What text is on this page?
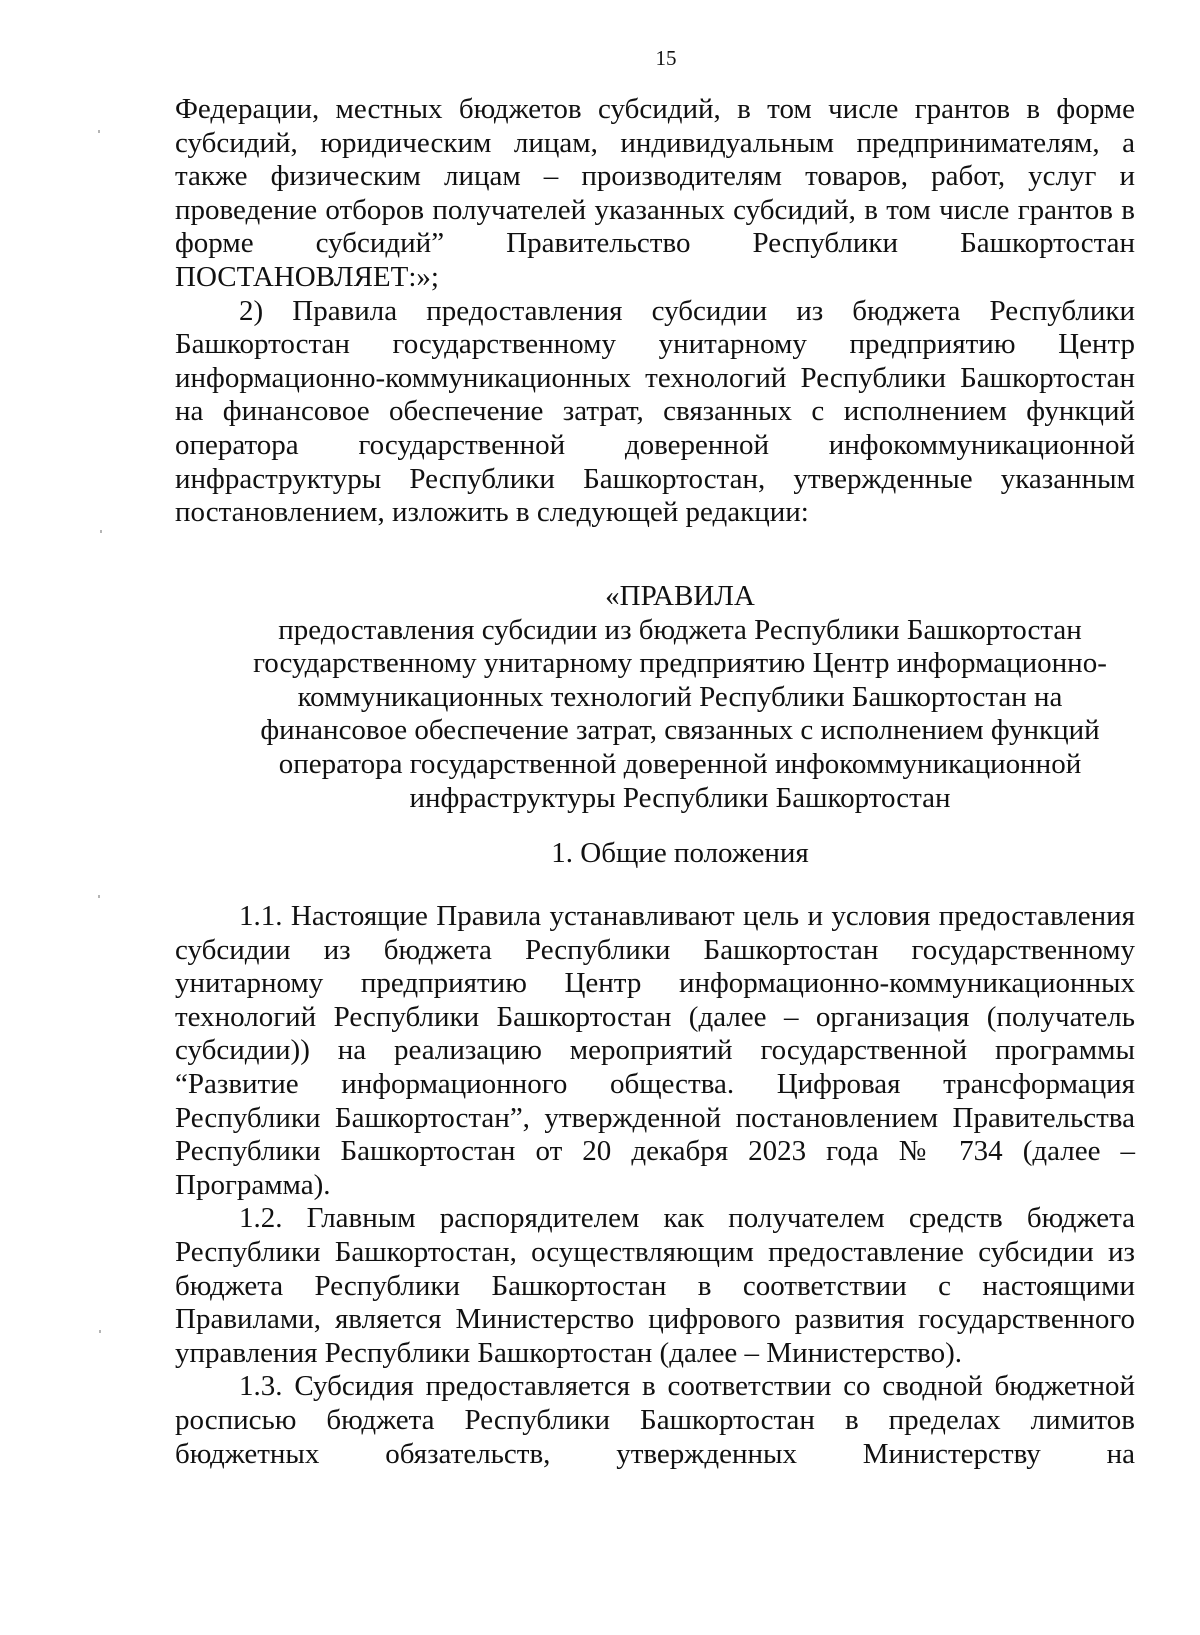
15

Федерации, местных бюджетов субсидий, в том числе грантов в форме субсидий, юридическим лицам, индивидуальным предпринимателям, а также физическим лицам – производителям товаров, работ, услуг и проведение отборов получателей указанных субсидий, в том числе грантов в форме субсидий” Правительство Республики Башкортостан ПОСТАНОВЛЯЕТ:»;

2) Правила предоставления субсидии из бюджета Республики Башкортостан государственному унитарному предприятию Центр информационно-коммуникационных технологий Республики Башкортостан на финансовое обеспечение затрат, связанных с исполнением функций оператора государственной доверенной инфокоммуникационной инфраструктуры Республики Башкортостан, утвержденные указанным постановлением, изложить в следующей редакции:

«ПРАВИЛА

предоставления субсидии из бюджета Республики Башкортостан

государственному унитарному предприятию Центр информационно-

коммуникационных технологий Республики Башкортостан на

финансовое обеспечение затрат, связанных с исполнением функций

оператора государственной доверенной инфокоммуникационной

инфраструктуры Республики Башкортостан

1. Общие положения

1.1. Настоящие Правила устанавливают цель и условия предоставления субсидии из бюджета Республики Башкортостан государственному унитарному предприятию Центр информационно-коммуникационных технологий Республики Башкортостан (далее – организация (получатель субсидии)) на реализацию мероприятий государственной программы “Развитие информационного общества. Цифровая трансформация Республики Башкортостан”, утвержденной постановлением Правительства Республики Башкортостан от 20 декабря 2023 года № 734 (далее – Программа).

1.2. Главным распорядителем как получателем средств бюджета Республики Башкортостан, осуществляющим предоставление субсидии из бюджета Республики Башкортостан в соответствии с настоящими Правилами, является Министерство цифрового развития государственного управления Республики Башкортостан (далее – Министерство).

1.3. Субсидия предоставляется в соответствии со сводной бюджетной росписью бюджета Республики Башкортостан в пределах лимитов бюджетных обязательств, утвержденных Министерству на
